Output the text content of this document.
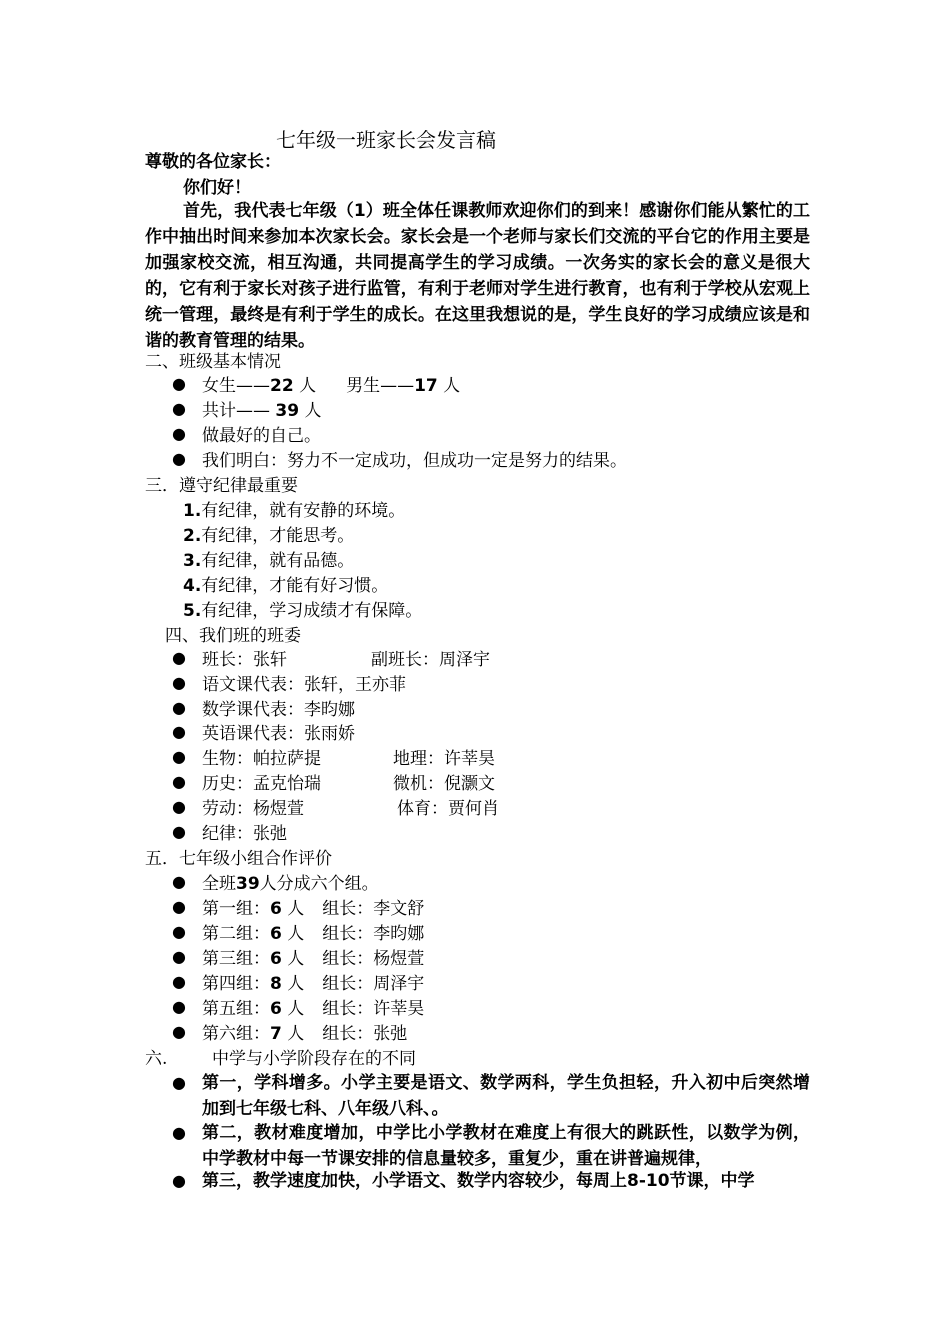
七年级一班家长会发言稿
尊敬的各位家长：
你们好！
首先，我代表七年级（1）班全体任课教师欢迎你们的到来！感谢你们能从繁忙的工作中抽出时间来参加本次家长会。家长会是一个老师与家长们交流的平台它的作用主要是加强家校交流，相互沟通，共同提高学生的学习成绩。一次务实的家长会的意义是很大的，它有利于家长对孩子进行监管，有利于老师对学生进行教育，也有利于学校从宏观上统一管理，最终是有利于学生的成长。在这里我想说的是，学生良好的学习成绩应该是和谐的教育管理的结果。
二、班级基本情况
● 女生——22 人 男生——17 人
● 共计—— 39 人
● 做最好的自己。
● 我们明白：努力不一定成功，但成功一定是努力的结果。
三．遵守纪律最重要
1.有纪律，就有安静的环境。
2.有纪律，才能思考。
3.有纪律，就有品德。
4.有纪律，才能有好习惯。
5.有纪律，学习成绩才有保障。
四、我们班的班委
● 班长：张轩	副班长：周泽宇
● 语文课代表：张轩，王亦菲
● 数学课代表：李昀娜
● 英语课代表：张雨娇
● 生物：帕拉萨提	地理：许莘昊
● 历史：孟克怡瑞	微机：倪灏文
● 劳动：杨煜萱	体育：贾何肖
● 纪律：张弛
五．七年级小组合作评价
● 全班39人分成六个组。
● 第一组：6 人 组长：李文舒
● 第二组：6 人 组长：李昀娜
● 第三组：6 人 组长：杨煜萱
● 第四组：8 人 组长：周泽宇
● 第五组：6 人 组长：许莘昊
● 第六组：7 人 组长：张弛
六.	中学与小学阶段存在的不同
● 第一，学科增多。小学主要是语文、数学两科，学生负担轻，升入初中后突然增加到七年级七科、八年级八科、。
● 第二，教材难度增加，中学比小学教材在难度上有很大的跳跃性，以数学为例，中学教材中每一节课安排的信息量较多，重复少，重在讲普遍规律，
● 第三，教学速度加快，小学语文、数学内容较少，每周上8-10节课，中学
